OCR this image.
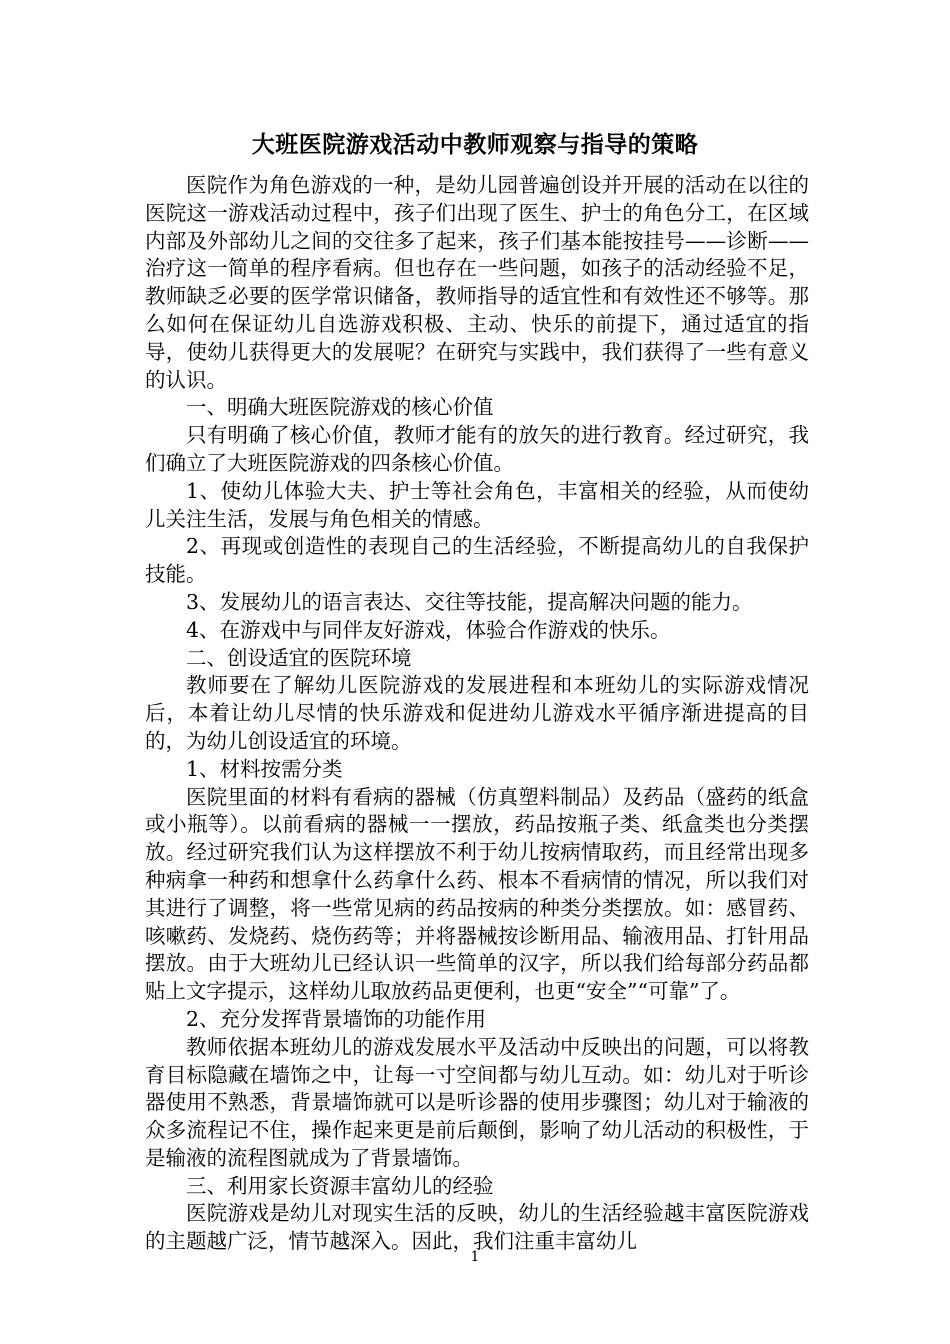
大班医院游戏活动中教师观察与指导的策略

医院作为角色游戏的一种，是幼儿园普遍创设并开展的活动在以往的医院这一游戏活动过程中，孩子们出现了医生、护士的角色分工，在区域内部及外部幼儿之间的交往多了起来，孩子们基本能按挂号——诊断——治疗这一简单的程序看病。但也存在一些问题，如孩子的活动经验不足，教师缺乏必要的医学常识储备，教师指导的适宜性和有效性还不够等。那么如何在保证幼儿自选游戏积极、主动、快乐的前提下，通过适宜的指导，使幼儿获得更大的发展呢？在研究与实践中，我们获得了一些有意义的认识。

一、明确大班医院游戏的核心价值

只有明确了核心价值，教师才能有的放矢的进行教育。经过研究，我们确立了大班医院游戏的四条核心价值。

1、使幼儿体验大夫、护士等社会角色，丰富相关的经验，从而使幼儿关注生活，发展与角色相关的情感。

2、再现或创造性的表现自己的生活经验，不断提高幼儿的自我保护技能。

3、发展幼儿的语言表达、交往等技能，提高解决问题的能力。

4、在游戏中与同伴友好游戏，体验合作游戏的快乐。

二、创设适宜的医院环境

教师要在了解幼儿医院游戏的发展进程和本班幼儿的实际游戏情况后，本着让幼儿尽情的快乐游戏和促进幼儿游戏水平循序渐进提高的目的，为幼儿创设适宜的环境。

1、材料按需分类

医院里面的材料有看病的器械（仿真塑料制品）及药品（盛药的纸盒或小瓶等）。以前看病的器械一一摆放，药品按瓶子类、纸盒类也分类摆放。经过研究我们认为这样摆放不利于幼儿按病情取药，而且经常出现多种病拿一种药和想拿什么药拿什么药、根本不看病情的情况，所以我们对其进行了调整，将一些常见病的药品按病的种类分类摆放。如：感冒药、咳嗽药、发烧药、烧伤药等；并将器械按诊断用品、输液用品、打针用品摆放。由于大班幼儿已经认识一些简单的汉字，所以我们给每部分药品都贴上文字提示，这样幼儿取放药品更便利，也更“安全”“可靠”了。

2、充分发挥背景墙饰的功能作用

教师依据本班幼儿的游戏发展水平及活动中反映出的问题，可以将教育目标隐藏在墙饰之中，让每一寸空间都与幼儿互动。如：幼儿对于听诊器使用不熟悉，背景墙饰就可以是听诊器的使用步骤图；幼儿对于输液的众多流程记不住，操作起来更是前后颠倒，影响了幼儿活动的积极性，于是输液的流程图就成为了背景墙饰。

三、利用家长资源丰富幼儿的经验

医院游戏是幼儿对现实生活的反映，幼儿的生活经验越丰富医院游戏的主题越广泛，情节越深入。因此，我们注重丰富幼儿

1
